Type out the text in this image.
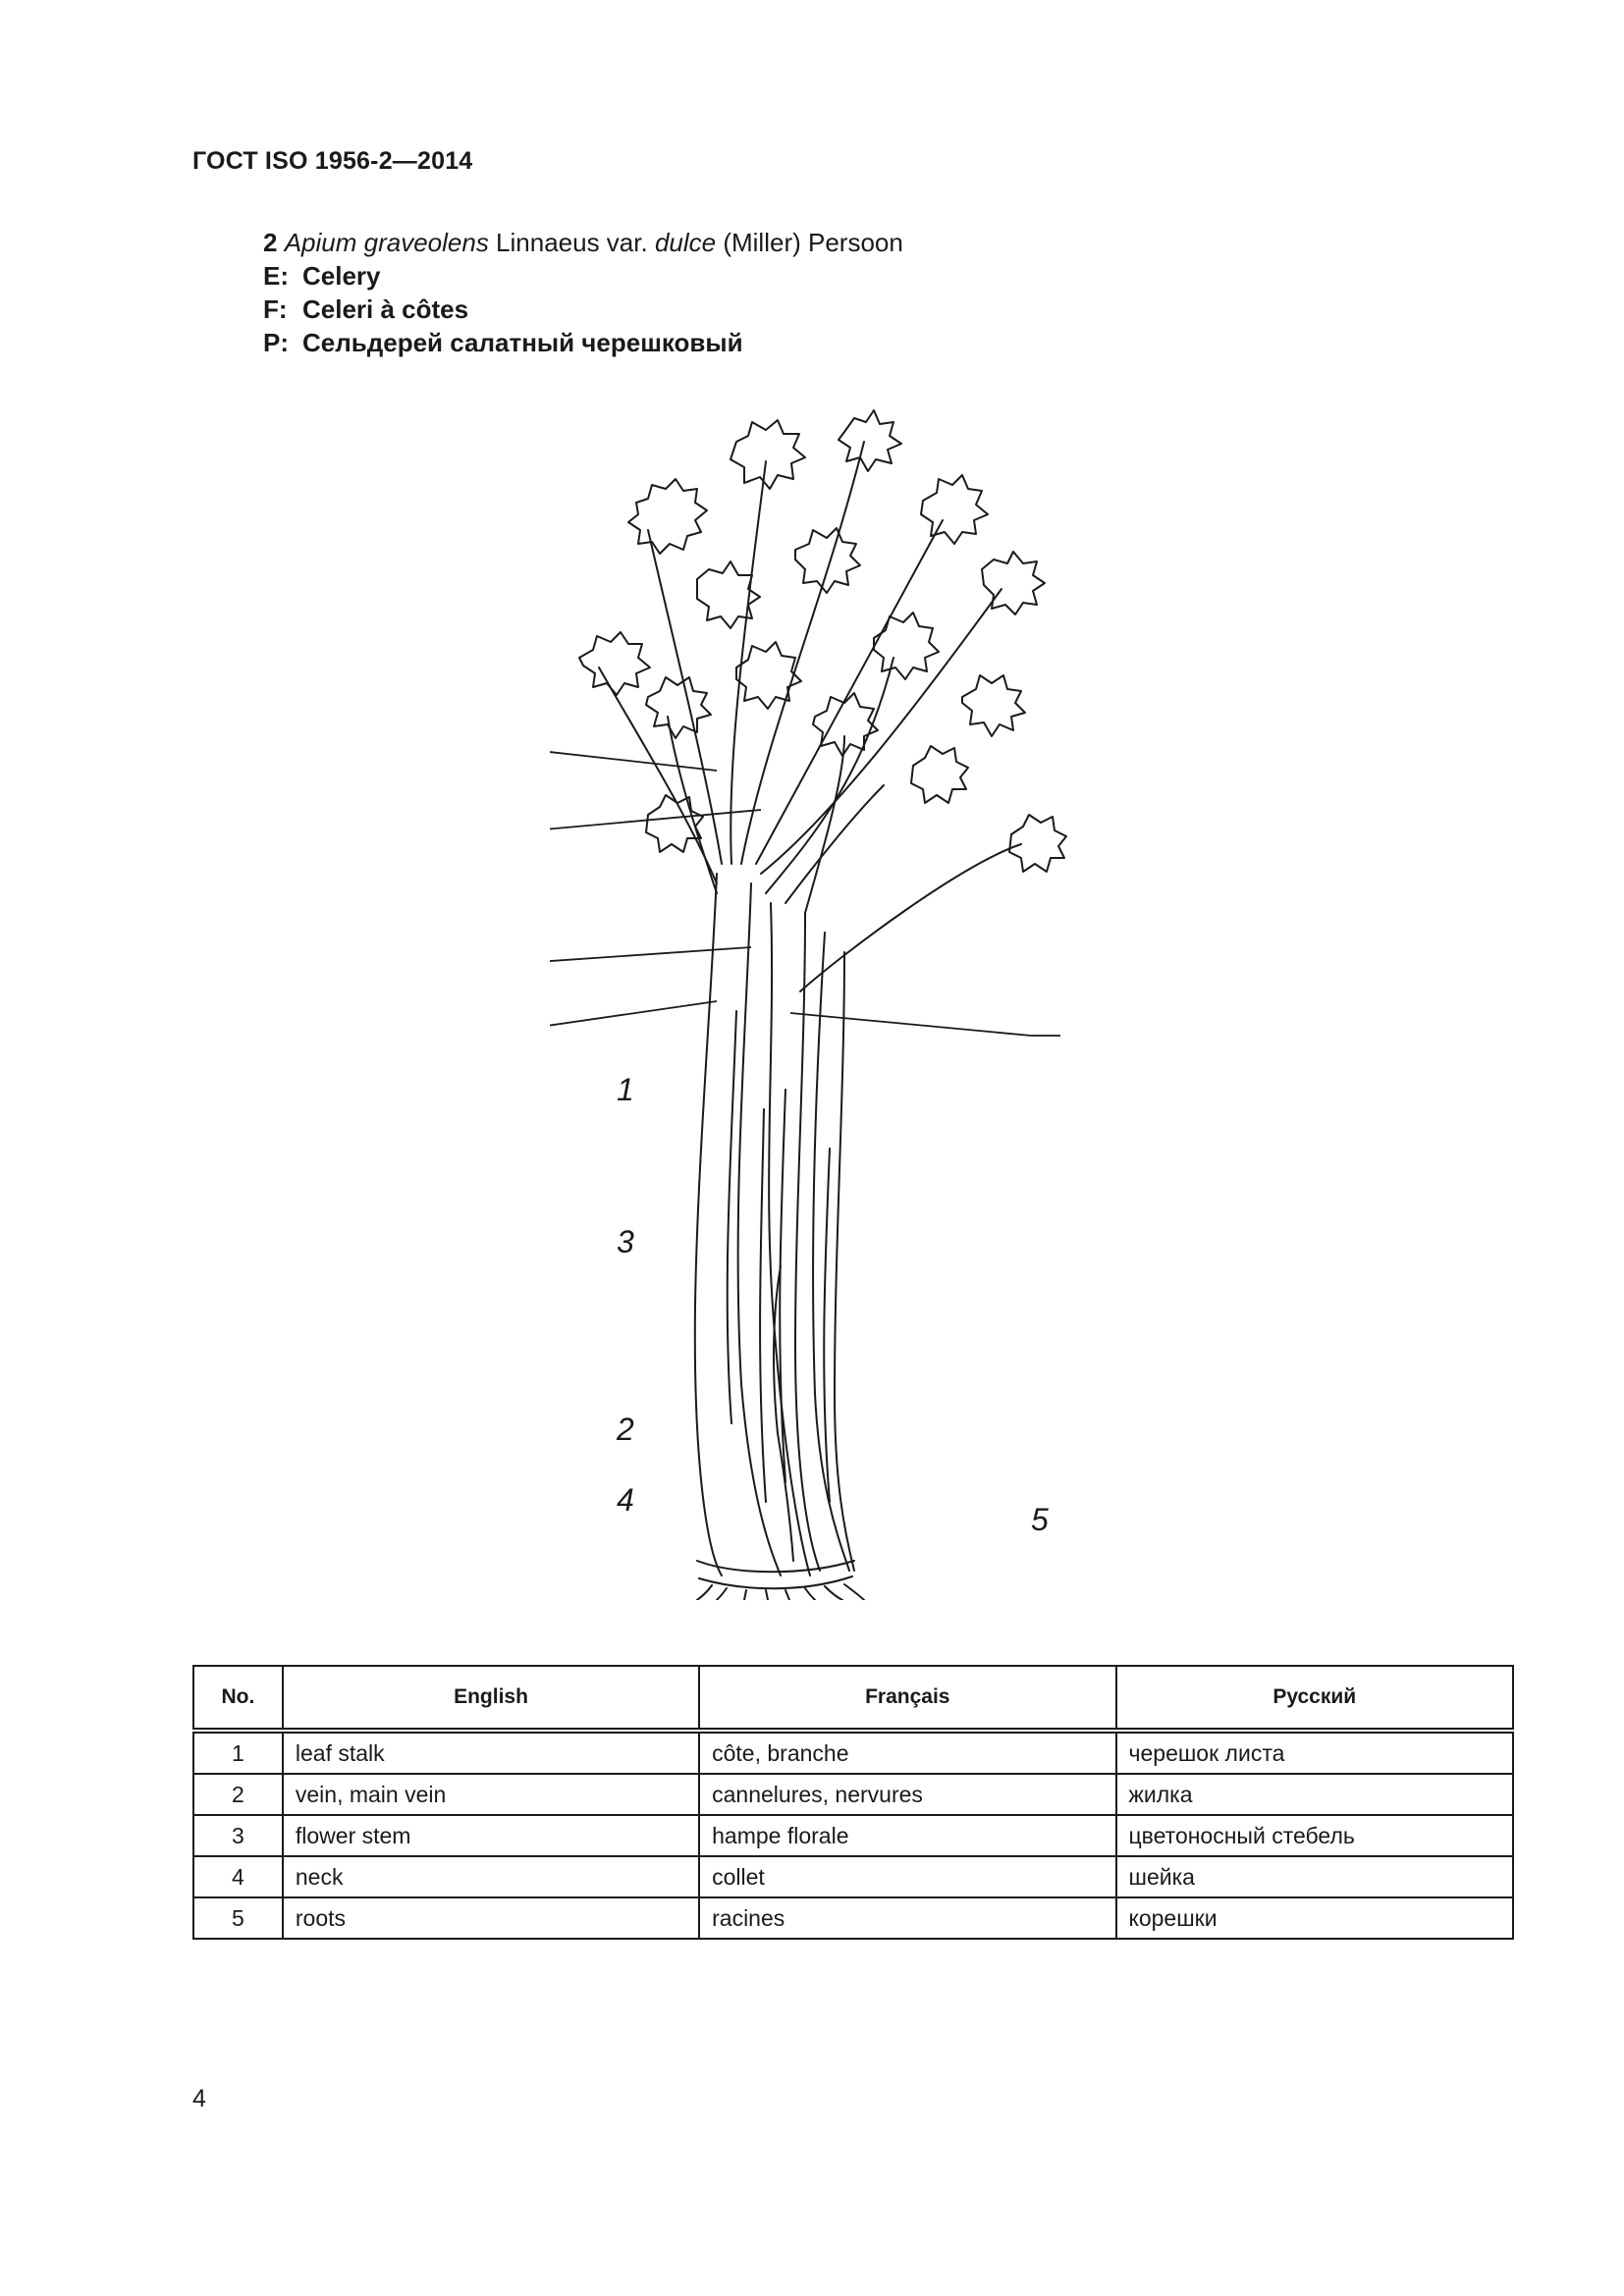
ГОСТ ISO 1956-2—2014
2 Apium graveolens Linnaeus var. dulce (Miller) Persoon
E: Celery
F: Celeri à côtes
P: Сельдерей салатный черешковый
1
3
2
4
5
No.	English	Français	Русский
1	leaf stalk	côte, branche	черешок листа
2	vein, main vein	cannelures, nervures	жилка
3	flower stem	hampe florale	цветоносный стебель
4	neck	collet	шейка
5	roots	racines	корешки
4
